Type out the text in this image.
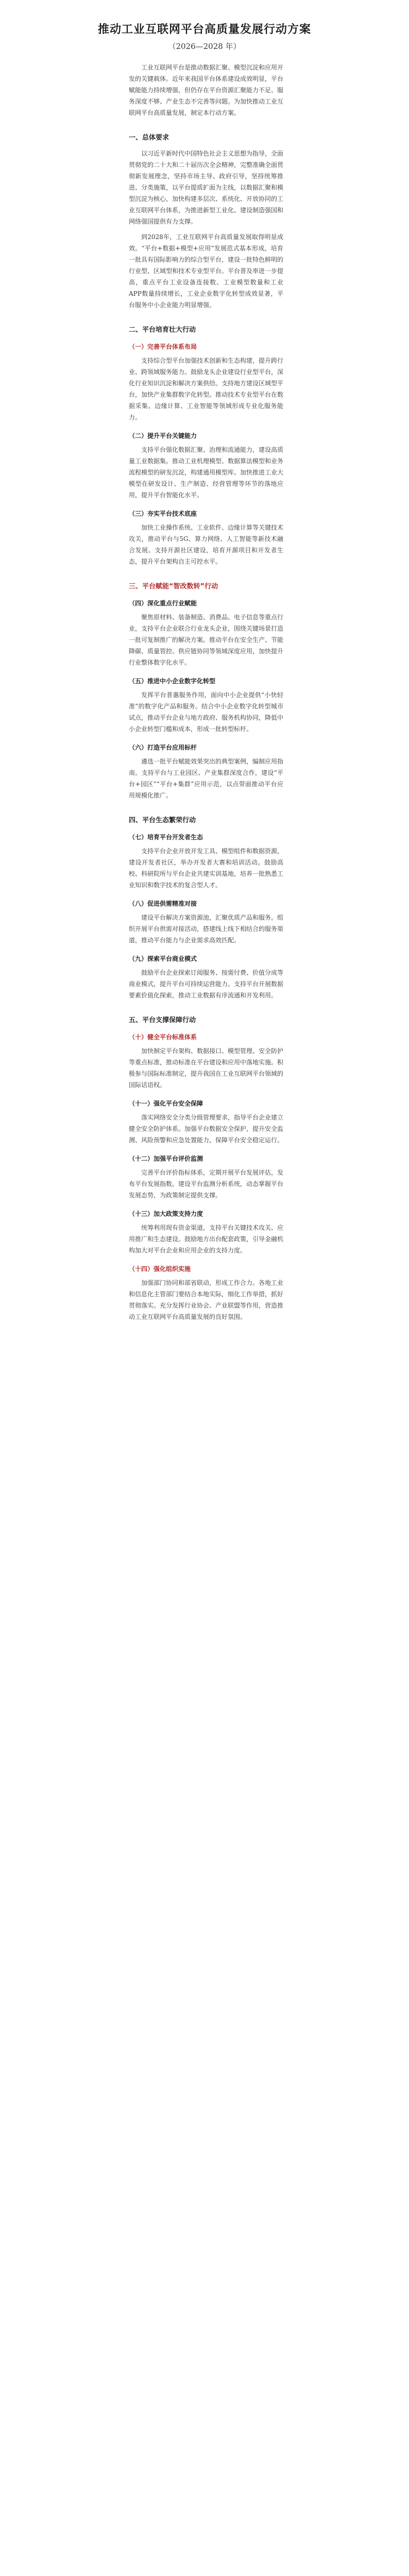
推动工业互联网平台高质量发展行动方案
（2026—2028 年）
工业互联网平台是推动数据汇聚、模型沉淀和应用开发的关键载体。近年来我国平台体系建设成效明显，平台赋能能力持续增强，但仍存在平台资源汇聚能力不足、服务深度不够、产业生态不完善等问题。为加快推动工业互联网平台高质量发展，制定本行动方案。
一、总体要求
以习近平新时代中国特色社会主义思想为指导，全面贯彻党的二十大和二十届历次全会精神，完整准确全面贯彻新发展理念，坚持市场主导、政府引导，坚持统筹推进、分类施策，以平台提质扩面为主线，以数据汇聚和模型沉淀为核心，加快构建多层次、系统化、开放协同的工业互联网平台体系，为推进新型工业化、建设制造强国和网络强国提供有力支撑。
到2028年，工业互联网平台高质量发展取得明显成效。“平台+数据+模型+应用”发展范式基本形成，培育一批具有国际影响力的综合型平台，建设一批特色鲜明的行业型、区域型和技术专业型平台。平台普及率进一步提高，重点平台工业设备连接数、工业模型数量和工业APP数量持续增长，工业企业数字化转型成效显著，平台服务中小企业能力明显增强。
二、平台培育壮大行动
（一）完善平台体系布局
支持综合型平台加强技术创新和生态构建，提升跨行业、跨领域服务能力。鼓励龙头企业建设行业型平台，深化行业知识沉淀和解决方案供给。支持地方建设区域型平台，加快产业集群数字化转型。推动技术专业型平台在数据采集、边缘计算、工业智能等领域形成专业化服务能力。
（二）提升平台关键能力
支持平台强化数据汇聚、治理和流通能力，建设高质量工业数据集。推动工业机理模型、数据算法模型和业务流程模型的研发沉淀，构建通用模型库。加快推进工业大模型在研发设计、生产制造、经营管理等环节的落地应用，提升平台智能化水平。
（三）夯实平台技术底座
加快工业操作系统、工业软件、边缘计算等关键技术攻关，推动平台与5G、算力网络、人工智能等新技术融合发展。支持开源社区建设，培育开源项目和开发者生态，提升平台架构自主可控水平。
三、平台赋能“智改数转”行动
（四）深化重点行业赋能
聚焦原材料、装备制造、消费品、电子信息等重点行业，支持平台企业联合行业龙头企业，围绕关键场景打造一批可复制推广的解决方案。推动平台在安全生产、节能降碳、质量管控、供应链协同等领域深度应用，加快提升行业整体数字化水平。
（五）推进中小企业数字化转型
发挥平台普惠服务作用，面向中小企业提供“小快轻准”的数字化产品和服务。结合中小企业数字化转型城市试点，推动平台企业与地方政府、服务机构协同，降低中小企业转型门槛和成本，形成一批转型标杆。
（六）打造平台应用标杆
遴选一批平台赋能效果突出的典型案例，编制应用指南。支持平台与工业园区、产业集群深度合作，建设“平台+园区”“平台+集群”应用示范，以点带面推动平台应用规模化推广。
四、平台生态繁荣行动
（七）培育平台开发者生态
支持平台企业开放开发工具、模型组件和数据资源，建设开发者社区，举办开发者大赛和培训活动。鼓励高校、科研院所与平台企业共建实训基地，培养一批熟悉工业知识和数字技术的复合型人才。
（八）促进供需精准对接
建设平台解决方案资源池，汇聚优质产品和服务。组织开展平台供需对接活动，搭建线上线下相结合的服务渠道，推动平台能力与企业需求高效匹配。
（九）探索平台商业模式
鼓励平台企业探索订阅服务、按需付费、价值分成等商业模式，提升平台可持续运营能力。支持平台开展数据要素价值化探索，推动工业数据有序流通和开发利用。
五、平台支撑保障行动
（十）健全平台标准体系
加快制定平台架构、数据接口、模型管理、安全防护等重点标准，推动标准在平台建设和应用中落地实施。积极参与国际标准制定，提升我国在工业互联网平台领域的国际话语权。
（十一）强化平台安全保障
落实网络安全分类分级管理要求，指导平台企业建立健全安全防护体系。加强平台数据安全保护，提升安全监测、风险预警和应急处置能力，保障平台安全稳定运行。
（十二）加强平台评价监测
完善平台评价指标体系，定期开展平台发展评估，发布平台发展指数。建设平台监测分析系统，动态掌握平台发展态势，为政策制定提供支撑。
（十三）加大政策支持力度
统筹利用现有资金渠道，支持平台关键技术攻关、应用推广和生态建设。鼓励地方出台配套政策，引导金融机构加大对平台企业和应用企业的支持力度。
（十四）强化组织实施
加强部门协同和部省联动，形成工作合力。各地工业和信息化主管部门要结合本地实际，细化工作举措，抓好贯彻落实。充分发挥行业协会、产业联盟等作用，营造推动工业互联网平台高质量发展的良好氛围。
